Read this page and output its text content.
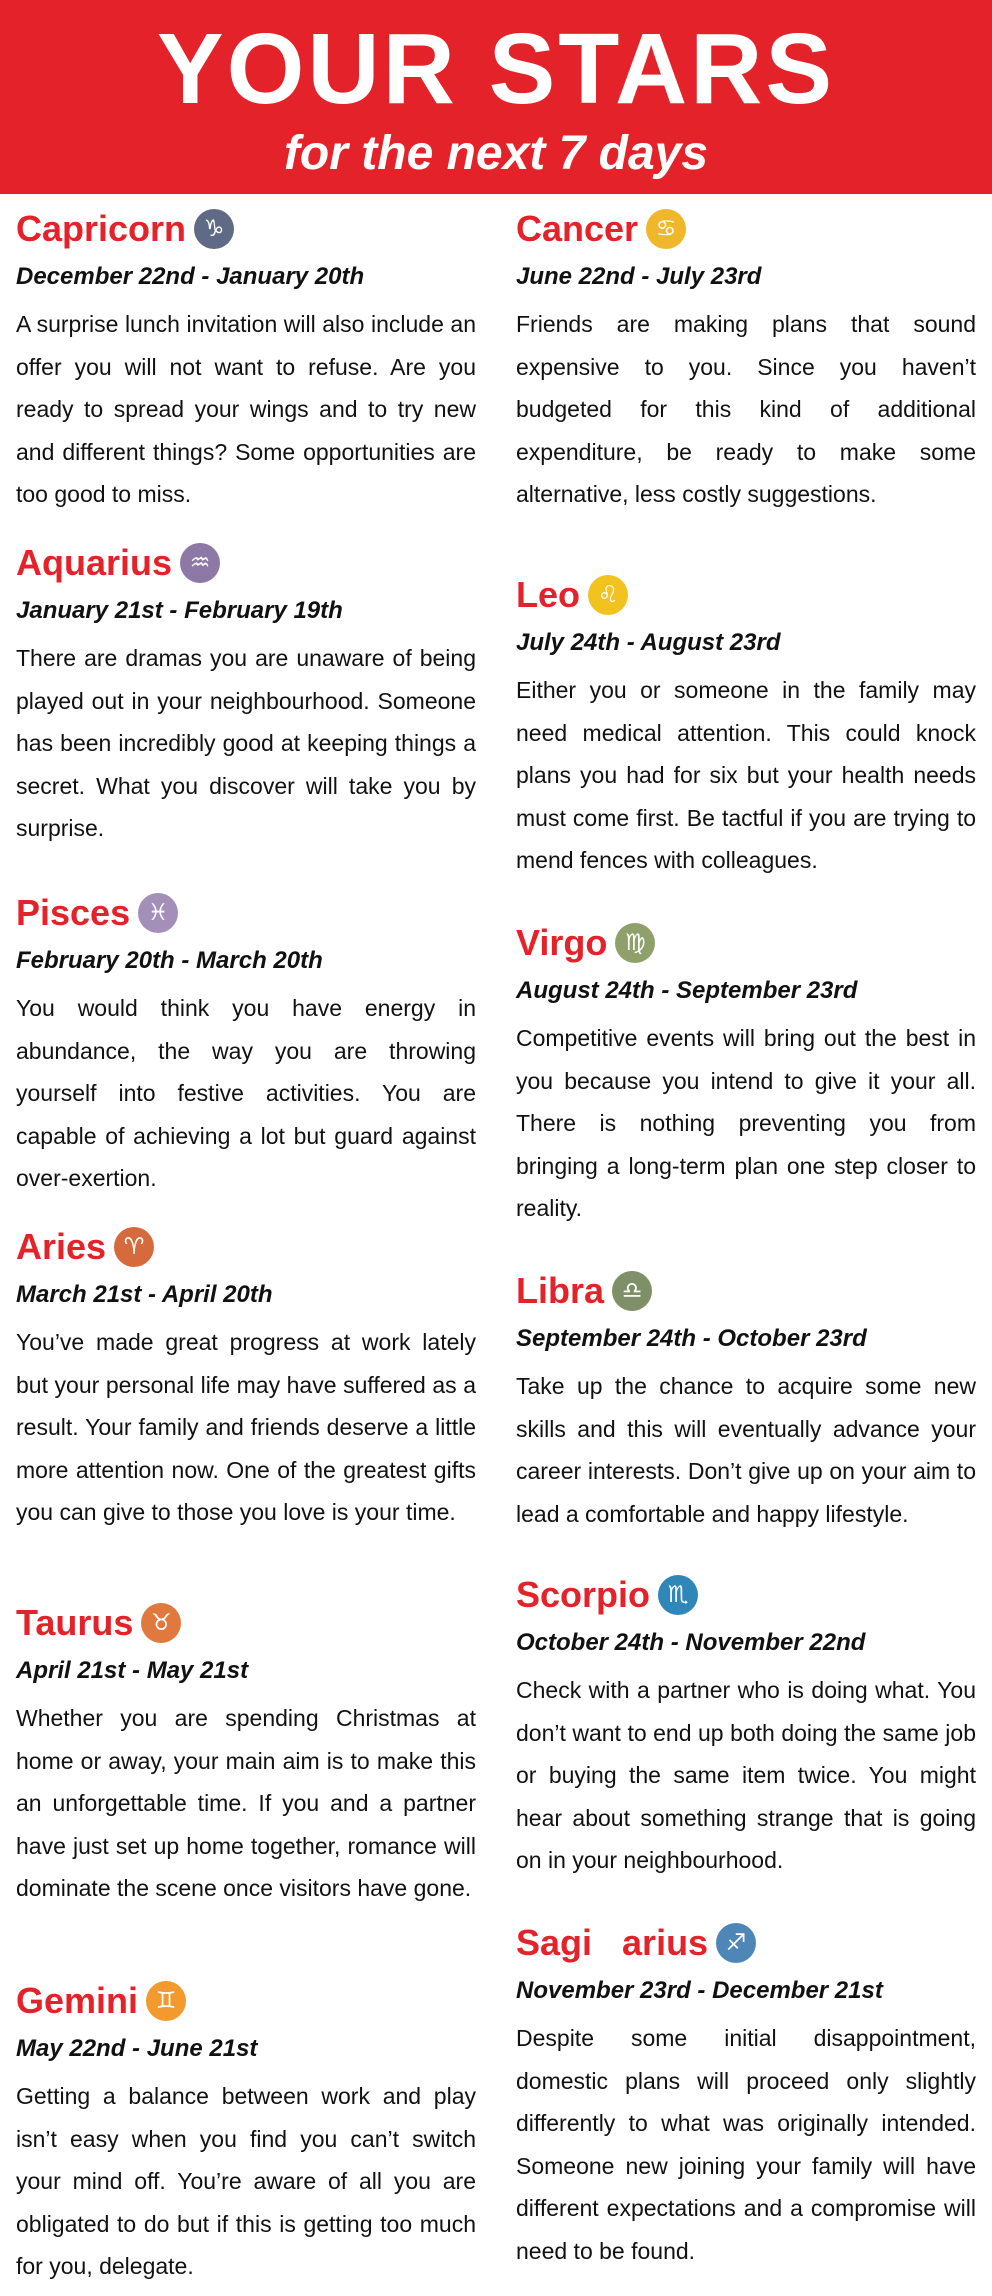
YOUR STARS
for the next 7 days
Capricorn ♑
December 22nd - January 20th
A surprise lunch invitation will also include an offer you will not want to refuse. Are you ready to spread your wings and to try new and different things? Some opportunities are too good to miss.
Aquarius ♒
January 21st - February 19th
There are dramas you are unaware of being played out in your neighbourhood. Someone has been incredibly good at keeping things a secret. What you discover will take you by surprise.
Pisces ♓
February 20th - March 20th
You would think you have energy in abundance, the way you are throwing yourself into festive activities. You are capable of achieving a lot but guard against over-exertion.
Aries ♈
March 21st - April 20th
You’ve made great progress at work lately but your personal life may have suffered as a result. Your family and friends deserve a little more attention now. One of the greatest gifts you can give to those you love is your time.
Taurus ♉
April 21st - May 21st
Whether you are spending Christmas at home or away, your main aim is to make this an unforgettable time. If you and a partner have just set up home together, romance will dominate the scene once visitors have gone.
Gemini ♊
May 22nd - June 21st
Getting a balance between work and play isn’t easy when you find you can’t switch your mind off. You’re aware of all you are obligated to do but if this is getting too much for you, delegate.
Cancer ♋
June 22nd - July 23rd
Friends are making plans that sound expensive to you. Since you haven’t budgeted for this kind of additional expenditure, be ready to make some alternative, less costly suggestions.
Leo ♌
July 24th - August 23rd
Either you or someone in the family may need medical attention. This could knock plans you had for six but your health needs must come first. Be tactful if you are trying to mend fences with colleagues.
Virgo ♍
August 24th - September 23rd
Competitive events will bring out the best in you because you intend to give it your all. There is nothing preventing you from bringing a long-term plan one step closer to reality.
Libra ♎
September 24th - October 23rd
Take up the chance to acquire some new skills and this will eventually advance your career interests. Don’t give up on your aim to lead a comfortable and happy lifestyle.
Scorpio ♏
October 24th - November 22nd
Check with a partner who is doing what. You don’t want to end up both doing the same job or buying the same item twice. You might hear about something strange that is going on in your neighbourhood.
Sagi   arius ♐
November 23rd - December 21st
Despite some initial disappointment, domestic plans will proceed only slightly differently to what was originally intended. Someone new joining your family will have different expectations and a compromise will need to be found.
